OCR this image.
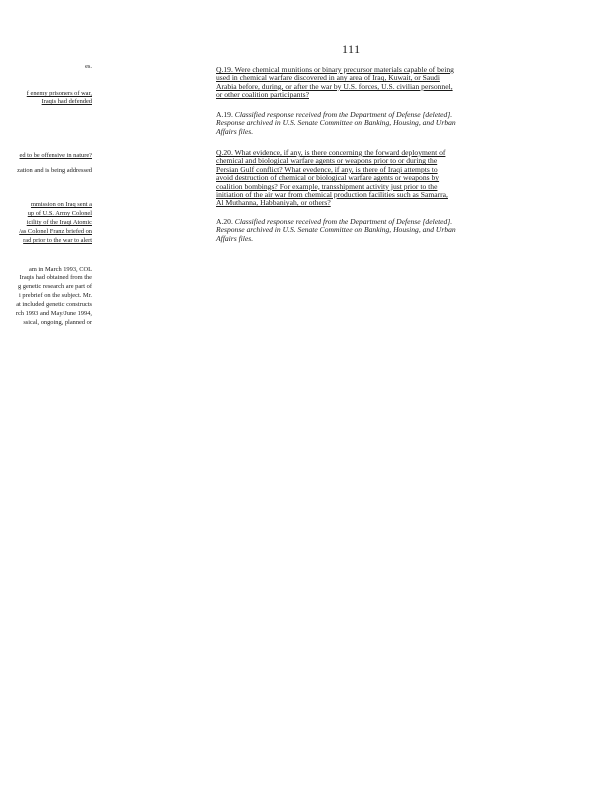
111
es.
f enemy prisoners of war,
Iraqis had defended
ed to be offensive in nature?
zation and is being addressed
mmission on Iraq sent a
up of U.S. Army Colonel
icility of the Iraqi Atomic
/as Colonel Franz briefed on
rad prior to the war to alert
am in March 1993, COL
Iraqis had obtained from the
g genetic research are part of
i prebrief on the subject. Mr.
at included genetic constructs
rch 1993 and May/June 1994,
ssical, ongoing, planned or
Q.19. Were chemical munitions or binary precursor materials capable of being
used in chemical warfare discovered in any area of Iraq, Kuwait, or Saudi
Arabia before, during, or after the war by U.S. forces, U.S. civilian personnel,
or other coalition participants?
A.19. Classified response received from the Department of Defense [deleted].
Response archived in U.S. Senate Committee on Banking, Housing, and Urban
Affairs files.
Q.20. What evidence, if any, is there concerning the forward deployment of
chemical and biological warfare agents or weapons prior to or during the
Persian Gulf conflict? What evedence, if any, is there of Iraqi attempts to
avoid destruction of chemical or biological warfare agents or weapons by
coalition bombings? For example, transshipment activity just prior to the
initiation of the air war from chemical production facilities such as Samarra,
Al Muthanna, Habbaniyah, or others?
A.20. Classified response received from the Department of Defense [deleted].
Response archived in U.S. Senate Committee on Banking, Housing, and Urban
Affairs files.
